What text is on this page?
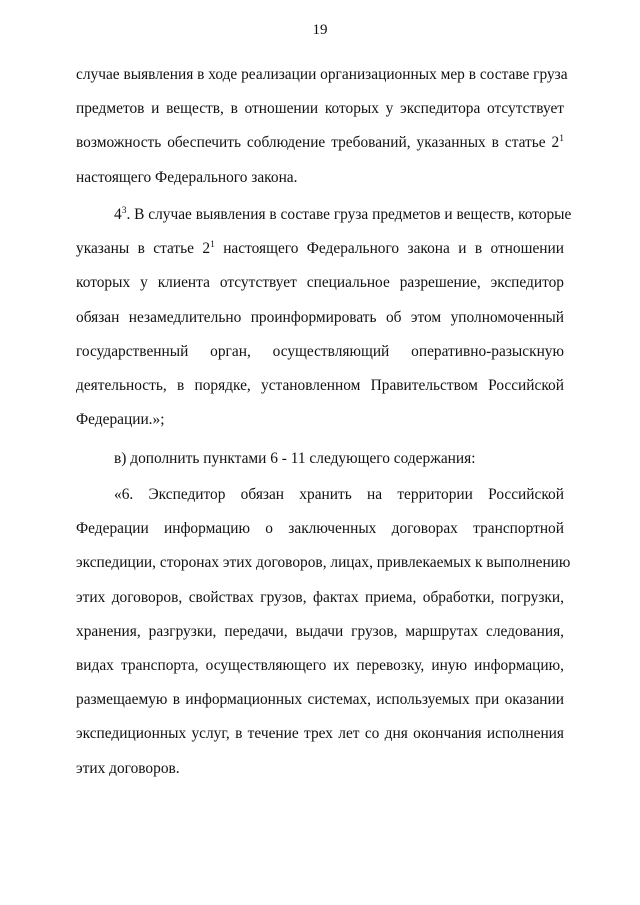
19
случае выявления в ходе реализации организационных мер в составе груза
предметов и веществ, в отношении которых у экспедитора отсутствует
возможность обеспечить соблюдение требований, указанных в статье $2^1$
настоящего Федерального закона.
$4^3$. В случае выявления в составе груза предметов и веществ, которые
указаны в статье $2^1$ настоящего Федерального закона и в отношении
которых у клиента отсутствует специальное разрешение, экспедитор
обязан незамедлительно проинформировать об этом уполномоченный
государственный орган, осуществляющий оперативно-разыскную
деятельность, в порядке, установленном Правительством Российской
Федерации.»;
в) дополнить пунктами 6 - 11 следующего содержания:
«6. Экспедитор обязан хранить на территории Российской
Федерации информацию о заключенных договорах транспортной
экспедиции, сторонах этих договоров, лицах, привлекаемых к выполнению
этих договоров, свойствах грузов, фактах приема, обработки, погрузки,
хранения, разгрузки, передачи, выдачи грузов, маршрутах следования,
видах транспорта, осуществляющего их перевозку, иную информацию,
размещаемую в информационных системах, используемых при оказании
экспедиционных услуг, в течение трех лет со дня окончания исполнения
этих договоров.
